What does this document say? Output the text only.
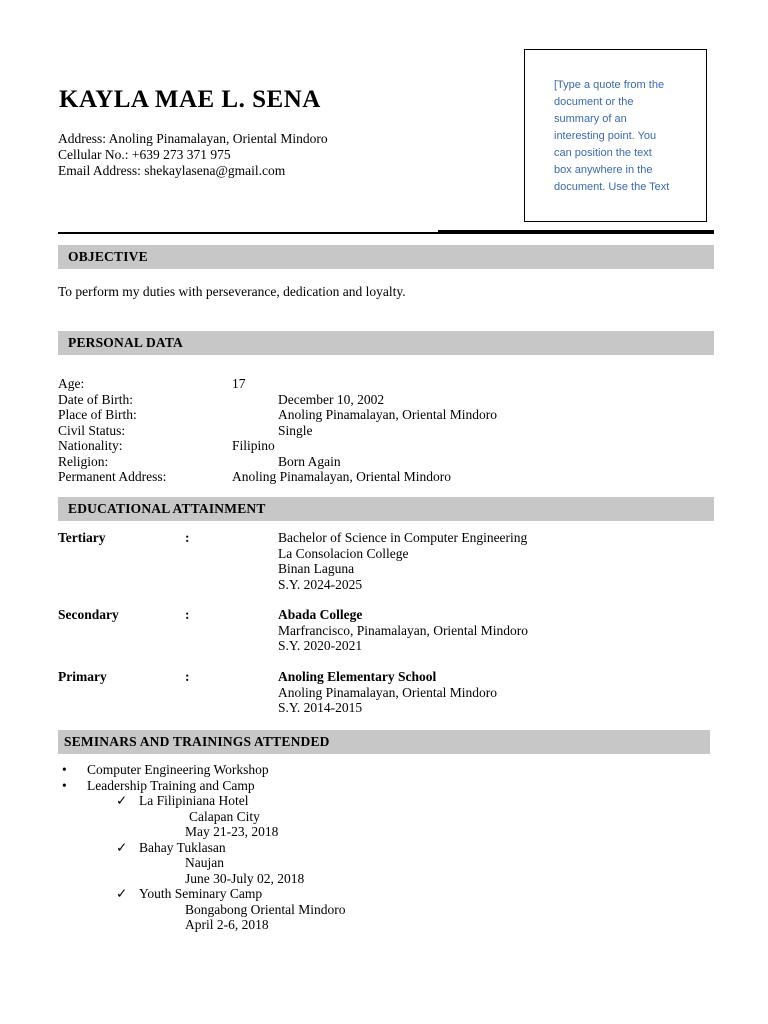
KAYLA MAE L. SENA
Address: Anoling Pinamalayan, Oriental Mindoro
Cellular No.: +639 273 371 975
Email Address: shekaylasena@gmail.com
[Type a quote from the
document or the
summary of an
interesting point. You
can position the text
box anywhere in the
document. Use the Text
OBJECTIVE
To perform my duties with perseverance, dedication and loyalty.
PERSONAL DATA
Age:	17
Date of Birth:	December 10, 2002
Place of Birth:	Anoling Pinamalayan, Oriental Mindoro
Civil Status:	Single
Nationality:	Filipino
Religion:	Born Again
Permanent Address:	Anoling Pinamalayan, Oriental Mindoro
EDUCATIONAL ATTAINMENT
Tertiary	:	Bachelor of Science in Computer Engineering
La Consolacion College
Binan Laguna
S.Y. 2024-2025
Secondary	:	Abada College
Marfrancisco, Pinamalayan, Oriental Mindoro
S.Y. 2020-2021
Primary	:	Anoling Elementary School
Anoling Pinamalayan, Oriental Mindoro
S.Y. 2014-2015
SEMINARS AND TRAININGS ATTENDED
• Computer Engineering Workshop
• Leadership Training and Camp
✓ La Filipiniana Hotel
Calapan City
May 21-23, 2018
✓ Bahay Tuklasan
Naujan
June 30-July 02, 2018
✓ Youth Seminary Camp
Bongabong Oriental Mindoro
April 2-6, 2018
